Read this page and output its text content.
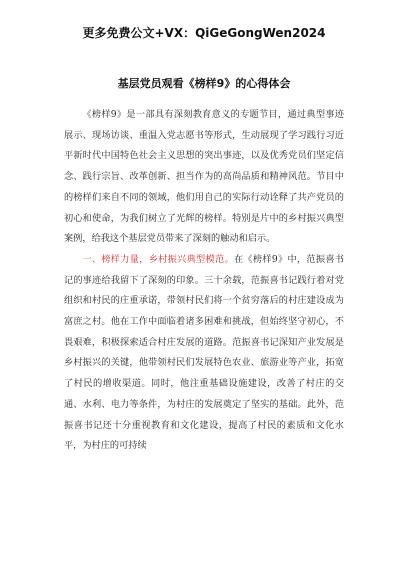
更多免费公文+VX：QiGeGongWen2024
基层党员观看《榜样9》的心得体会

《榜样9》是一部具有深刻教育意义的专题节目，通过典型事迹展示、现场访谈、重温入党志愿书等形式，生动展现了学习践行习近平新时代中国特色社会主义思想的突出事迹，以及优秀党员们坚定信念、践行宗旨、改革创新、担当作为的高尚品质和精神风范。节目中的榜样们来自不同的领域，他们用自己的实际行动诠释了共产党员的初心和使命，为我们树立了光辉的榜样。特别是片中的乡村振兴典型案例，给我这个基层党员带来了深刻的触动和启示。

一、榜样力量，乡村振兴典型模范。在《榜样9》中，范振喜书记的事迹给我留下了深刻的印象。三十余载，范振喜书记践行着对党组织和村民的庄重承诺，带领村民们将一个贫穷落后的村庄建设成为富庶之村。他在工作中面临着诸多困难和挑战，但始终坚守初心，不畏艰难，积极探索适合村庄发展的道路。范振喜书记深知产业发展是乡村振兴的关键，他带领村民们发展特色农业、旅游业等产业，拓宽了村民的增收渠道。同时，他注重基础设施建设，改善了村庄的交通、水利、电力等条件，为村庄的发展奠定了坚实的基础。此外，范振喜书记还十分重视教育和文化建设，提高了村民的素质和文化水平，为村庄的可持续
